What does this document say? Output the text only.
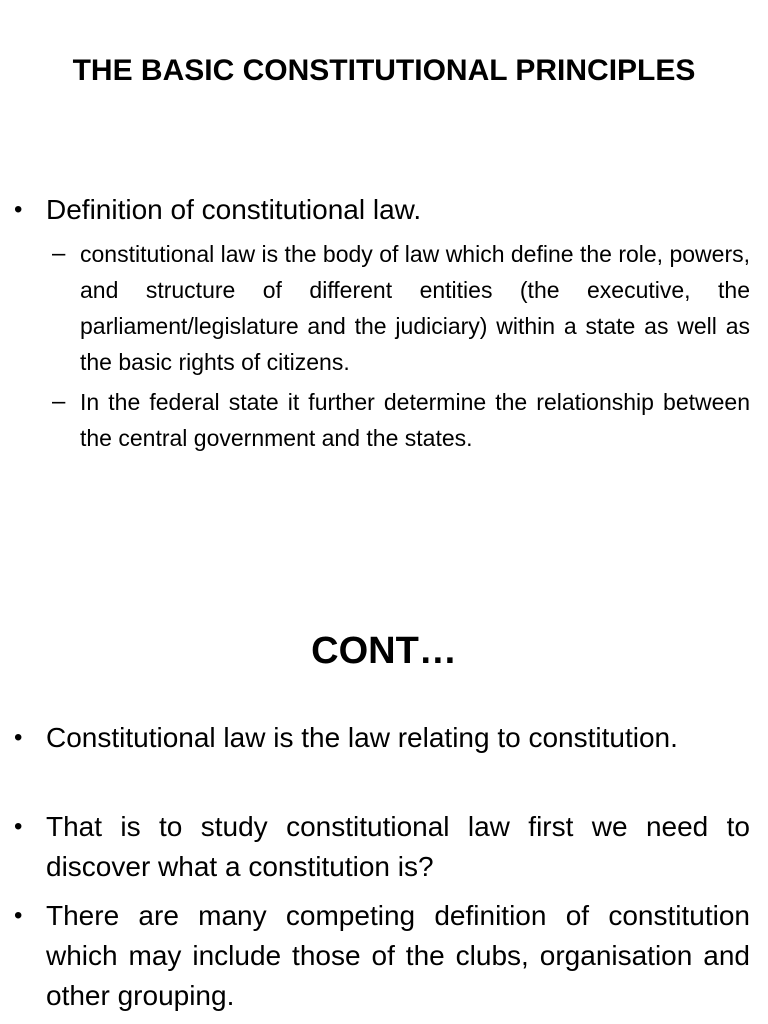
THE BASIC CONSTITUTIONAL PRINCIPLES
• Definition of constitutional law.
– constitutional law is the body of law which define the role, powers, and structure of different entities (the executive, the parliament/legislature and the judiciary) within a state as well as the basic rights of citizens.
– In the federal state it further determine the relationship between the central government and the states.
CONT…
• Constitutional law is the law relating to constitution.
• That is to study constitutional law first we need to discover what a constitution is?
• There are many competing definition of constitution which may include those of the clubs, organisation and other grouping.
